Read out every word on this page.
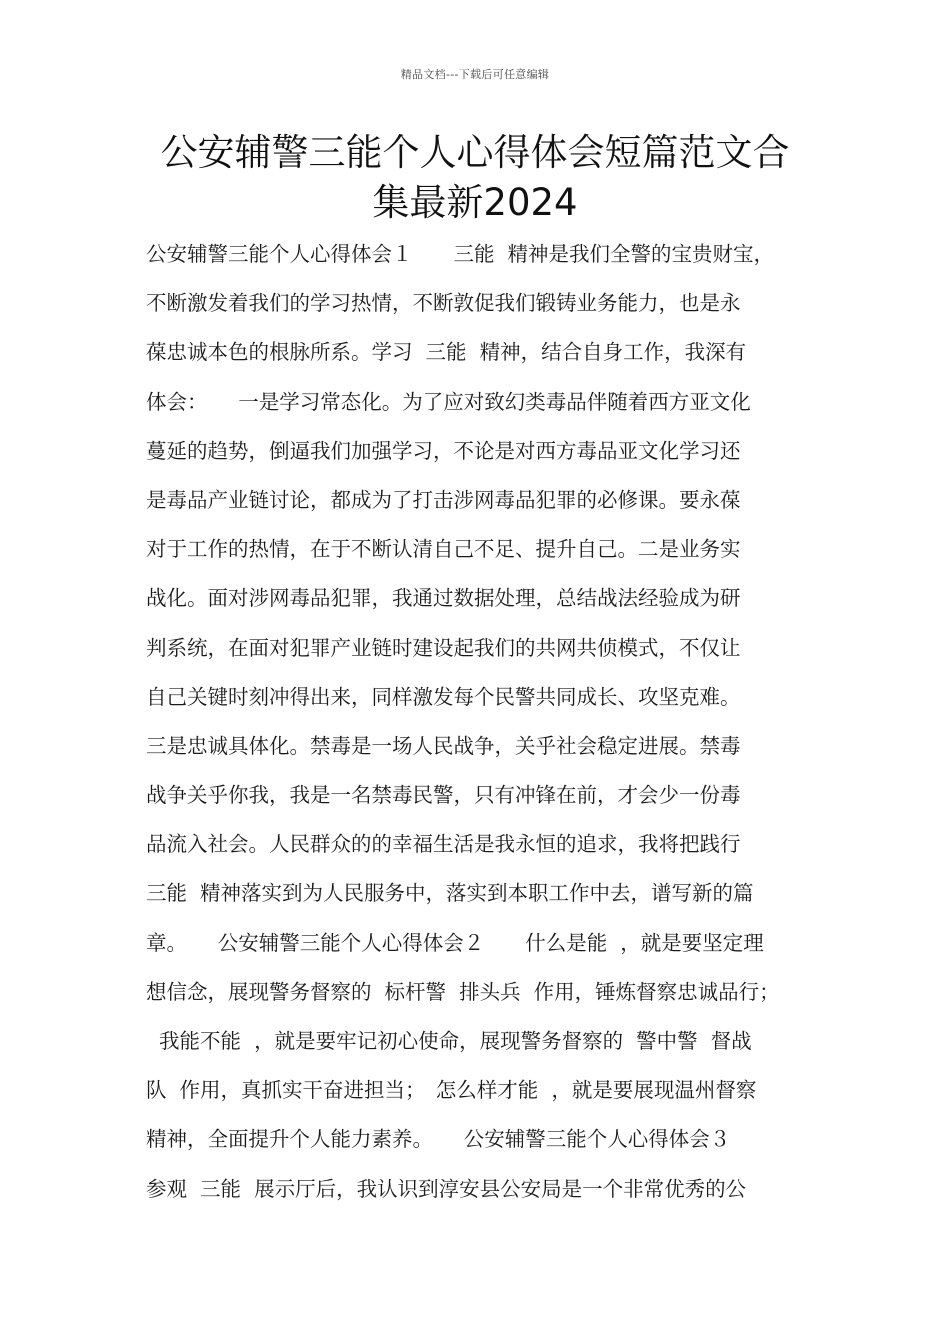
精品文档---下载后可任意编辑
公安辅警三能个人心得体会短篇范文合
集最新2024
公安辅警三能个人心得体会１　　三能  精神是我们全警的宝贵财宝，
不断激发着我们的学习热情，不断敦促我们锻铸业务能力，也是永
葆忠诚本色的根脉所系。学习  三能  精神，结合自身工作，我深有
体会：　　一是学习常态化。为了应对致幻类毒品伴随着西方亚文化
蔓延的趋势，倒逼我们加强学习，不论是对西方毒品亚文化学习还
是毒品产业链讨论，都成为了打击涉网毒品犯罪的必修课。要永葆
对于工作的热情，在于不断认清自己不足、提升自己。二是业务实
战化。面对涉网毒品犯罪，我通过数据处理，总结战法经验成为研
判系统，在面对犯罪产业链时建设起我们的共网共侦模式，不仅让
自己关键时刻冲得出来，同样激发每个民警共同成长、攻坚克难。
三是忠诚具体化。禁毒是一场人民战争，关乎社会稳定进展。禁毒
战争关乎你我，我是一名禁毒民警，只有冲锋在前，才会少一份毒
品流入社会。人民群众的的幸福生活是我永恒的追求，我将把践行
三能  精神落实到为人民服务中，落实到本职工作中去，谱写新的篇
章。　　公安辅警三能个人心得体会２　　什么是能  ，就是要坚定理
想信念，展现警务督察的  标杆警  排头兵  作用，锤炼督察忠诚品行；
我能不能  ，就是要牢记初心使命，展现警务督察的  警中警  督战
队  作用，真抓实干奋进担当；　怎么样才能  ，就是要展现温州督察
精神，全面提升个人能力素养。　　公安辅警三能个人心得体会３
参观  三能  展示厅后，我认识到淳安县公安局是一个非常优秀的公
